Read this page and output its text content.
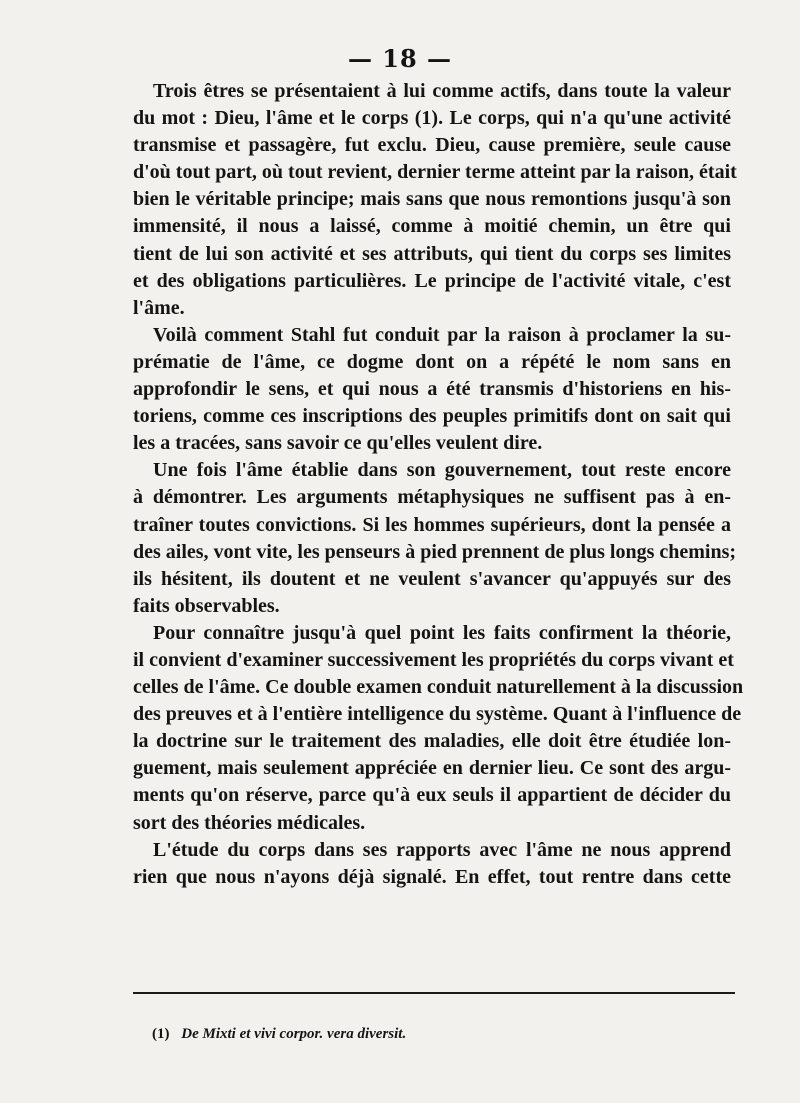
— 18 —
Trois êtres se présentaient à lui comme actifs, dans toute la valeur
du mot : Dieu, l'âme et le corps (1). Le corps, qui n'a qu'une activité
transmise et passagère, fut exclu. Dieu, cause première, seule cause
d'où tout part, où tout revient, dernier terme atteint par la raison, était
bien le véritable principe; mais sans que nous remontions jusqu'à son
immensité, il nous a laissé, comme à moitié chemin, un être qui
tient de lui son activité et ses attributs, qui tient du corps ses limites
et des obligations particulières. Le principe de l'activité vitale, c'est
l'âme.
Voilà comment Stahl fut conduit par la raison à proclamer la su-
prématie de l'âme, ce dogme dont on a répété le nom sans en
approfondir le sens, et qui nous a été transmis d'historiens en his-
toriens, comme ces inscriptions des peuples primitifs dont on sait qui
les a tracées, sans savoir ce qu'elles veulent dire.
Une fois l'âme établie dans son gouvernement, tout reste encore
à démontrer. Les arguments métaphysiques ne suffisent pas à en-
traîner toutes convictions. Si les hommes supérieurs, dont la pensée a
des ailes, vont vite, les penseurs à pied prennent de plus longs chemins;
ils hésitent, ils doutent et ne veulent s'avancer qu'appuyés sur des
faits observables.
Pour connaître jusqu'à quel point les faits confirment la théorie,
il convient d'examiner successivement les propriétés du corps vivant et
celles de l'âme. Ce double examen conduit naturellement à la discussion
des preuves et à l'entière intelligence du système. Quant à l'influence de
la doctrine sur le traitement des maladies, elle doit être étudiée lon-
guement, mais seulement appréciée en dernier lieu. Ce sont des argu-
ments qu'on réserve, parce qu'à eux seuls il appartient de décider du
sort des théories médicales.
L'étude du corps dans ses rapports avec l'âme ne nous apprend
rien que nous n'ayons déjà signalé. En effet, tout rentre dans cette
(1) De Mixti et vivi corpor. vera diversit.
